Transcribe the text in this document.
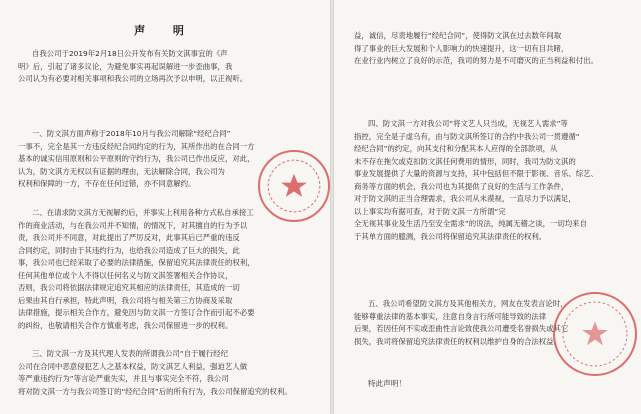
声 明
自我公司于2019年2月18日公开发布有关防文淇事宜的《声
明》后，引起了诸多议论，为避免事实再起误解进一步歪曲事，我
公司认为有必要对相关事项和我公司的立场再次予以申明，以正视听。
一、防文淇方面声称于2018年10月与我公司解除“经纪合同”
一事不，完全是其一方违反经纪合同约定的行为，其所作出的在合同一方
基本的诚实信用原则和公平原则的守约行为，我公司已作出反应，对此，
认为，防文淇方无权以有证据的理由，无法解除合同，我公司为
权利和保障的一方，不存在任何过错，亦不同意解约。
二、在请求防文淇方无视解约后，并事实上利用各种方式私自承接工
作的商业活动，与在我公司并不知情，的情况下，对其擅自的行为予以
责，我公司并不同意，对此提出了严厉反对，此事其后已严重的违反
合同约定，同时由于其违约行为，也给我公司造成了巨大的损失，此
事，我公司也已经采取了必要的法律措施，保留追究其法律责任的权利，
任何其他单位或个人不得以任何名义与防文淇签署相关合作协议，
否则，我公司将依据法律规定追究其相应的法律责任，其造成的一切
后果由其自行承担，特此声明，我公司将与相关第三方协商及采取
法律措施，提示相关合作方，避免因与防文淇一方签订合作而引起不必要
的纠纷，也敬请相关合作方慎重考虑，我公司保留进一步的权利。
三、防文淇一方及其代理人发表的所谓我公司“自于履行经纪
公司在合同中恶意侵犯艺人之基本权益，防文淇艺人利益，强迫艺人做
等严重违约行为”等言论严重失实，并且与事实完全不符，我公司
将对防文淇一方与我公司签订的“经纪合同”后的所有行为，我公司保留追究的权利。
益，诚信，尽责地履行“经纪合同”，使得防文淇在过去数年间取
得了事业的巨大发展和个人影响力的快速提升，这一切有目共睹，
在业行业内树立了良好的示范，我司的努力是不可磨灭的正当利益和付出。
四、防文淇一方对我公司“将文艺人只当成，无视艺人需求”等
指控，完全是子虚乌有，由与防文淇所签订的合约中我公司一贯遵循“
经纪合同”的约定，向其支付和分配其本人应得的全部款项，从
未不存在拖欠或克扣防文淇任何费用的情形，同时，我司为防文淇的
事业发展提供了大量的资源与支持，其中包括但不限于影视、音乐、综艺、
商务等方面的机会，我公司也为其提供了良好的生活与工作条件，
对于防文淇的正当合理需求，我公司从未漠视，一直尽力予以满足，
以上事实均有据可查，对于防文淇一方所谓“完
全无视其事业及生活乃至安全需求”的说法，纯属无稽之谈，一切均来自
于其单方面的臆测，我公司将保留追究其法律责任的权利。
五、我公司希望防文淇方及其他相关方，网友在发表言论时，
能够尊重法律的基本事实，注意自身言行所可能导致的法律
后果，若因任何不实或歪曲性言论致使我公司遭受名誉损失或其它
损失，我司将保留追究法律责任的权利以维护自身的合法权益。
特此声明！
